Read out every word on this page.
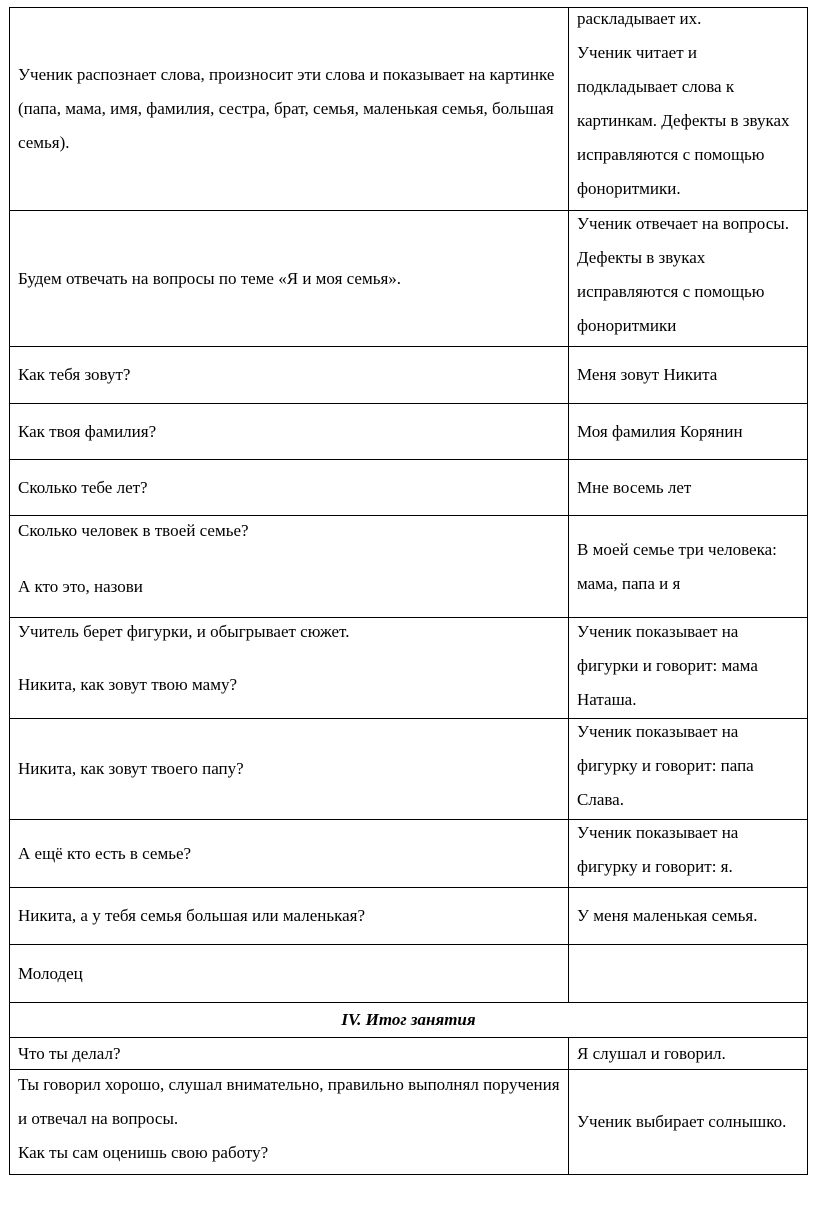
Ученик распознает слова, произносит эти слова и показывает на картинке (папа, мама, имя, фамилия, сестра, брат, семья, маленькая семья, большая семья).	раскладывает их.
Ученик читает и подкладывает слова к картинкам. Дефекты в звуках исправляются с помощью фоноритмики.

Будем отвечать на вопросы по теме «Я и моя семья».	Ученик отвечает на вопросы. Дефекты в звуках исправляются с помощью фоноритмики

Как тебя зовут?	Меня зовут Никита
Как твоя фамилия?	Моя фамилия Корянин
Сколько тебе лет?	Мне восемь лет

Сколько человек в твоей семье?
А кто это, назови	В моей семье три человека: мама, папа и я

Учитель берет фигурки, и обыгрывает сюжет.
Никита, как зовут твою маму?	Ученик показывает на фигурки и говорит: мама Наташа.

Никита, как зовут твоего папу?	Ученик показывает на фигурку и говорит: папа Слава.

А ещё кто есть в семье?	Ученик показывает на фигурку и говорит: я.

Никита, а у тебя семья большая или маленькая?	У меня маленькая семья.
Молодец	
IV. Итог занятия	
Что ты делал?	Я слушал и говорил.

Ты говорил хорошо, слушал внимательно, правильно выполнял поручения и отвечал на вопросы.
Как ты сам оценишь свою работу?	Ученик выбирает солнышко.
